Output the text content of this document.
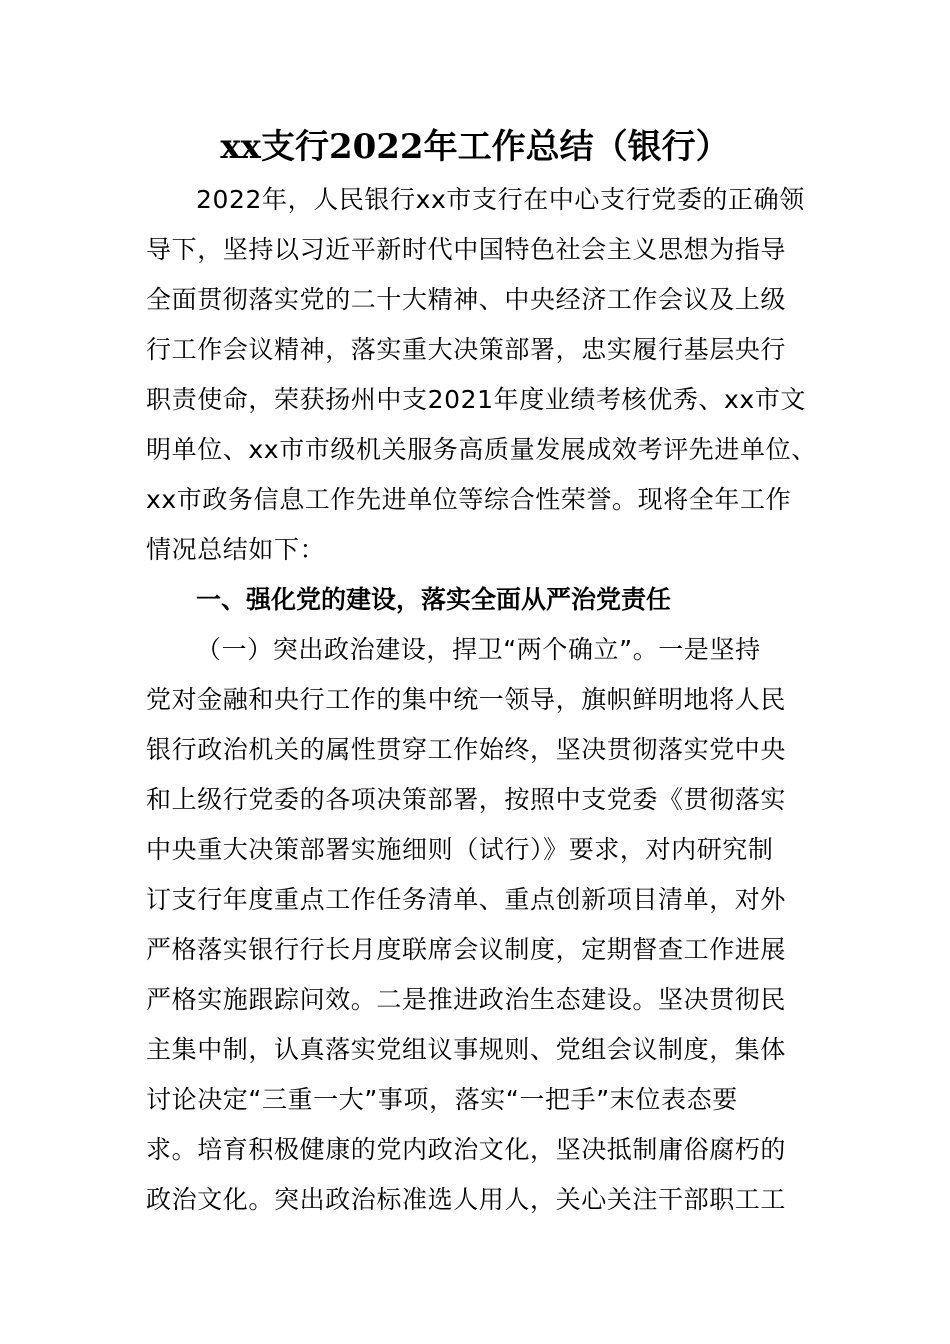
xx支行2022年工作总结（银行）
2022年，人民银行xx市支行在中心支行党委的正确领
导下，坚持以习近平新时代中国特色社会主义思想为指导
全面贯彻落实党的二十大精神、中央经济工作会议及上级
行工作会议精神，落实重大决策部署，忠实履行基层央行
职责使命，荣获扬州中支2021年度业绩考核优秀、xx市文
明单位、xx市市级机关服务高质量发展成效考评先进单位、
xx市政务信息工作先进单位等综合性荣誉。现将全年工作
情况总结如下：
一、强化党的建设，落实全面从严治党责任
（一）突出政治建设，捍卫“两个确立”。一是坚持
党对金融和央行工作的集中统一领导，旗帜鲜明地将人民
银行政治机关的属性贯穿工作始终，坚决贯彻落实党中央
和上级行党委的各项决策部署，按照中支党委《贯彻落实
中央重大决策部署实施细则（试行）》要求，对内研究制
订支行年度重点工作任务清单、重点创新项目清单，对外
严格落实银行行长月度联席会议制度，定期督查工作进展
严格实施跟踪问效。二是推进政治生态建设。坚决贯彻民
主集中制，认真落实党组议事规则、党组会议制度，集体
讨论决定“三重一大”事项，落实“一把手”末位表态要
求。培育积极健康的党内政治文化，坚决抵制庸俗腐朽的
政治文化。突出政治标准选人用人，关心关注干部职工工
